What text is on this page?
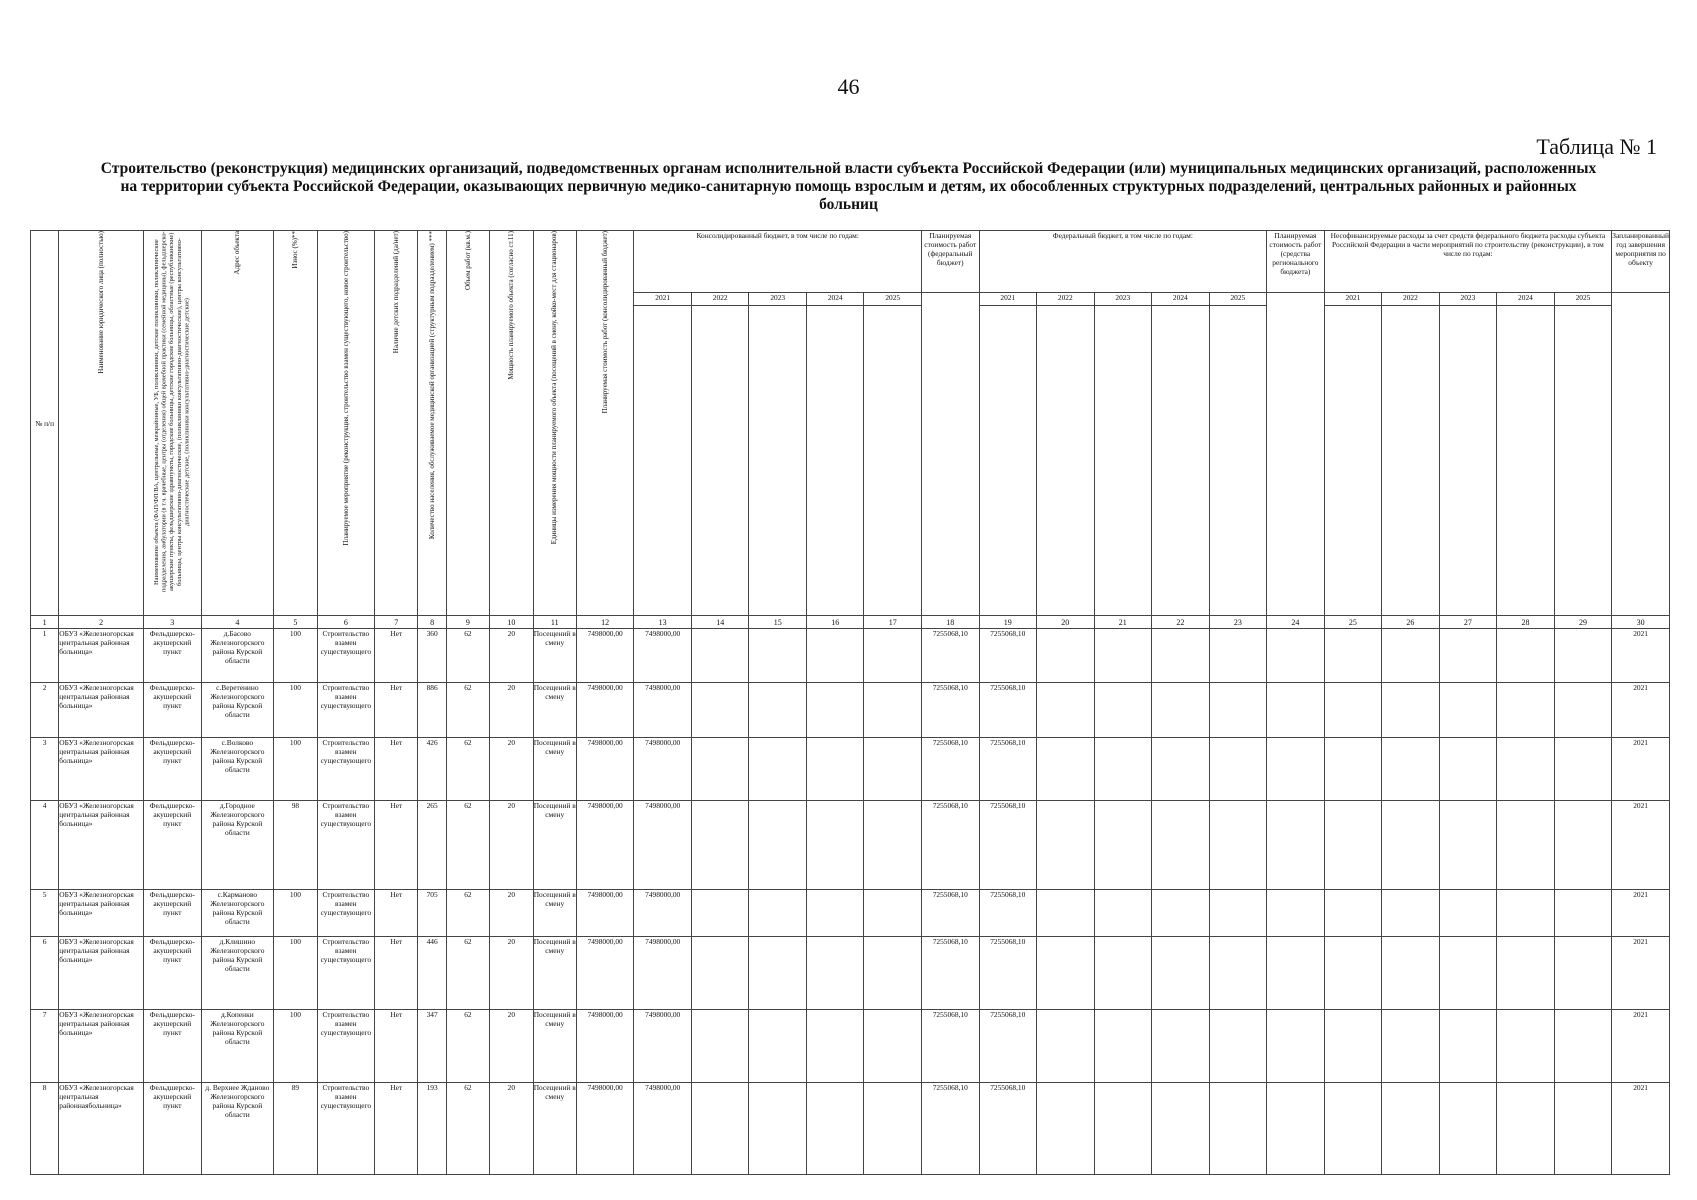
46
Таблица № 1
Строительство (реконструкция) медицинских организаций, подведомственных органам исполнительной власти субъекта Российской Федерации (или) муниципальных медицинских организаций, расположенных на территории субъекта Российской Федерации, оказывающих первичную медико-санитарную помощь взрослым и детям, их обособленных структурных подразделений, центральных районных и районных больниц
№ п/п	Наименование юридического лица (полностью)	Наименование объекта (ФАП/ФП/ВА, центральные, межрайонные, УБ, поликлиники, детские поликлиники, поликлинические подразделения, амбулатории (в т.ч. врачебные, центры (отделения) общей врачебной практики (семейной медицины), фельдшерско-акушерские пункты, фельдшерские здравпункты, городские больницы, детские городские больницы, областные (республиканские) больницы, центры консультативно-диагностические, (поликлиники консультативно-диагностические), центры консультативно-диагностические детские, (поликлиники консультативно-диагностические детские)	Адрес объекта	Износ (%)**	Планируемое мероприятие (реконструкция, строительство взамен существующего, новое строительство)	Наличие детских подразделений (да/нет)	Количество населения, обслуживаемое медицинской организацией (структурным подразделением) ***	Объем работ (кв.м.)	Мощность планируемого объекта (согласно ст.11)	Единицы измерения мощности планируемого объекта (посещений в смену, койко-мест для стационаров)	Планируемая стоимость работ (консолидированный бюджет)	Консолидированный бюджет, в том числе по годам:					Планируемая стоимость работ (федеральный бюджет)	Федеральный бюджет, в том числе по годам:					Планируемая стоимость работ (средства регионального бюджета)	Несофинансируемые расходы за счет средств федерального бюджета расходы субъекта Российской Федерации в части мероприятий по строительству (реконструкции), в том числе по годам:					Запланированный год завершения мероприятия по объекту
												2021	2022	2023	2024	2025		2021	2022	2023	2024	2025		2021	2022	2023	2024	2025	

1	2	3	4	5	6	7	8	9	10	11	12	13	14	15	16	17	18	19	20	21	22	23	24	25	26	27	28	29	30
1	ОБУЗ «Железногорская центральная районная больница»	Фельдшерско-акушерский пункт	д.Басово Железногорского района Курской области	100	Строительство взамен существующего	Нет	360	62	20	Посещений в смену	7498000,00	7498000,00					7255068,10	7255068,10											2021
2	ОБУЗ «Железногорская центральная районная больница»	Фельдшерско-акушерский пункт	с.Веретенино Железногорского района Курской области	100	Строительство взамен существующего	Нет	886	62	20	Посещений в смену	7498000,00	7498000,00					7255068,10	7255068,10											2021
3	ОБУЗ «Железногорская центральная районная больница»	Фельдшерско-акушерский пункт	с.Волково Железногорского района Курской области	100	Строительство взамен существующего	Нет	426	62	20	Посещений в смену	7498000,00	7498000,00					7255068,10	7255068,10											2021
4	ОБУЗ «Железногорская центральная районная больница»	Фельдшерско-акушерский пункт	д.Городное Железногорского района Курской области	98	Строительство взамен существующего	Нет	265	62	20	Посещений в смену	7498000,00	7498000,00					7255068,10	7255068,10											2021
5	ОБУЗ «Железногорская центральная районная больница»	Фельдшерско-акушерский пункт	с.Карманово Железногорского района Курской области	100	Строительство взамен существующего	Нет	705	62	20	Посещений в смену	7498000,00	7498000,00					7255068,10	7255068,10											2021
6	ОБУЗ «Железногорская центральная районная больница»	Фельдшерско-акушерский пункт	д.Клишино Железногорского района Курской области	100	Строительство взамен существующего	Нет	446	62	20	Посещений в смену	7498000,00	7498000,00					7255068,10	7255068,10											2021
7	ОБУЗ «Железногорская центральная районная больница»	Фельдшерско-акушерский пункт	д.Копенки Железногорского района Курской области	100	Строительство взамен существующего	Нет	347	62	20	Посещений в смену	7498000,00	7498000,00					7255068,10	7255068,10											2021
8	ОБУЗ «Железногорская центральная районнаябольница»	Фельдшерско-акушерский пункт	д. Верхнее Жданово Железногорского района Курской области	89	Строительство взамен существующего	Нет	193	62	20	Посещений в смену	7498000,00	7498000,00					7255068,10	7255068,10											2021
